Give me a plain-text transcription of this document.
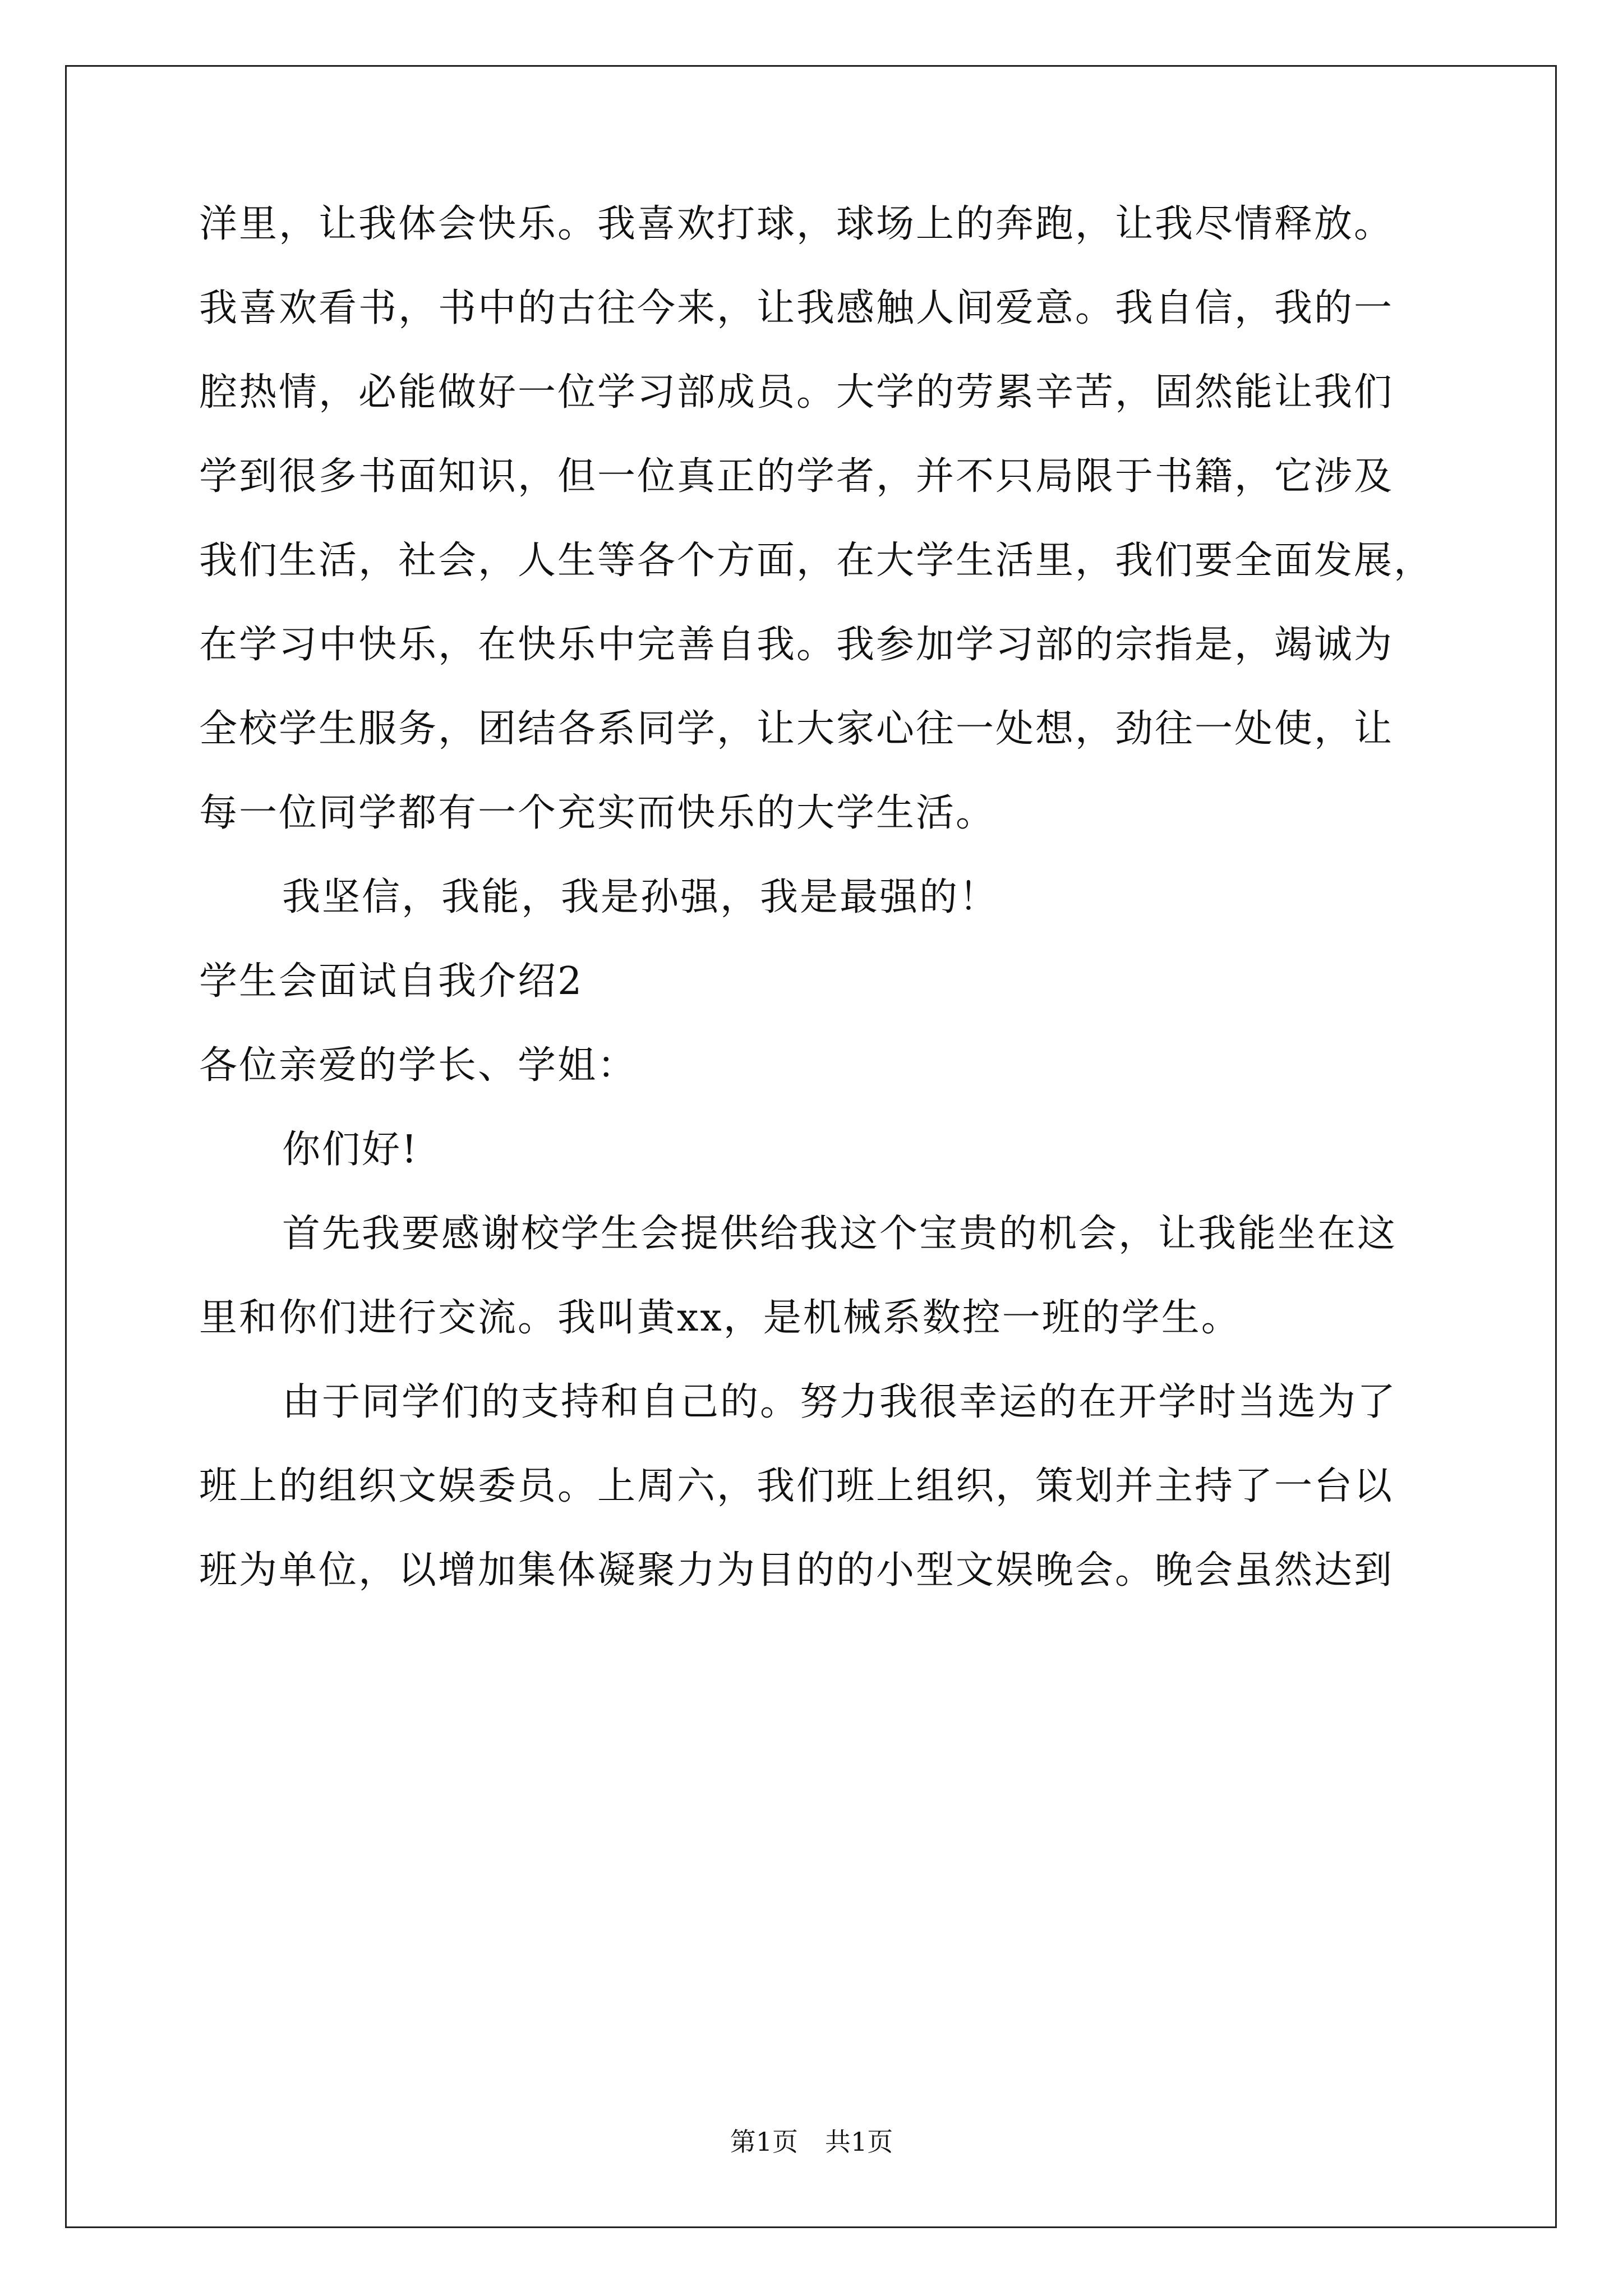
洋里，让我体会快乐。我喜欢打球，球场上的奔跑，让我尽情释放。
我喜欢看书，书中的古往今来，让我感触人间爱意。我自信，我的一
腔热情，必能做好一位学习部成员。大学的劳累辛苦，固然能让我们
学到很多书面知识，但一位真正的学者，并不只局限于书籍，它涉及
我们生活，社会，人生等各个方面，在大学生活里，我们要全面发展，
在学习中快乐，在快乐中完善自我。我参加学习部的宗指是，竭诚为
全校学生服务，团结各系同学，让大家心往一处想，劲往一处使，让
每一位同学都有一个充实而快乐的大学生活。
我坚信，我能，我是孙强，我是最强的！
学生会面试自我介绍2
各位亲爱的学长、学姐：
你们好!
首先我要感谢校学生会提供给我这个宝贵的机会，让我能坐在这
里和你们进行交流。我叫黄xx，是机械系数控一班的学生。
由于同学们的支持和自己的。努力我很幸运的在开学时当选为了
班上的组织文娱委员。上周六，我们班上组织，策划并主持了一台以
班为单位，以增加集体凝聚力为目的的小型文娱晚会。晚会虽然达到
第1页 共1页
